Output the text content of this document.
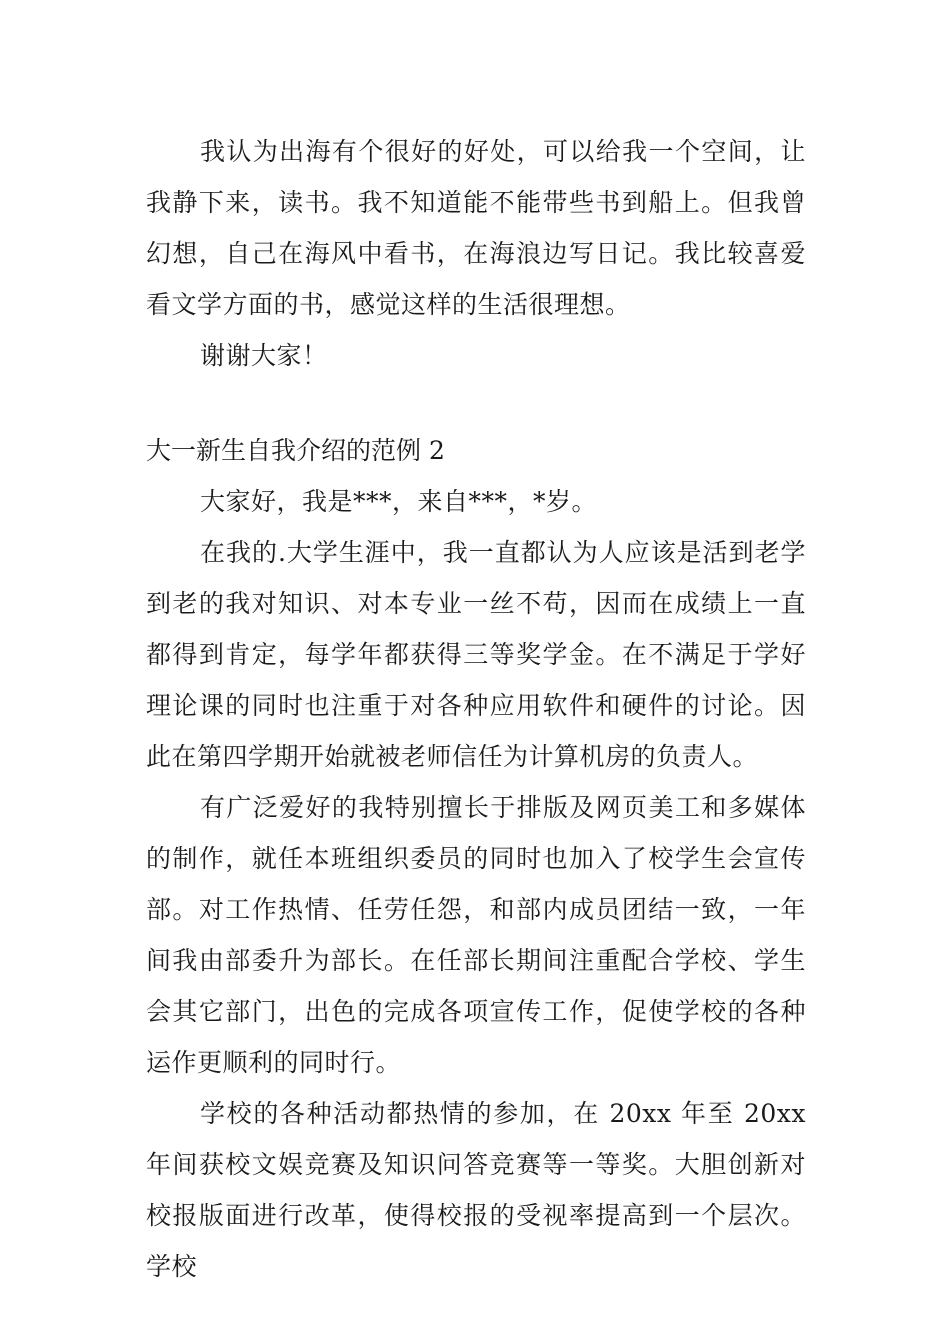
我认为出海有个很好的好处，可以给我一个空间，让我静下来，读书。我不知道能不能带些书到船上。但我曾幻想，自己在海风中看书，在海浪边写日记。我比较喜爱看文学方面的书，感觉这样的生活很理想。

谢谢大家！

大一新生自我介绍的范例 2

大家好，我是***，来自***，*岁。

在我的.大学生涯中，我一直都认为人应该是活到老学到老的我对知识、对本专业一丝不苟，因而在成绩上一直都得到肯定，每学年都获得三等奖学金。在不满足于学好理论课的同时也注重于对各种应用软件和硬件的讨论。因此在第四学期开始就被老师信任为计算机房的负责人。

有广泛爱好的我特别擅长于排版及网页美工和多媒体的制作，就任本班组织委员的同时也加入了校学生会宣传部。对工作热情、任劳任怨，和部内成员团结一致，一年间我由部委升为部长。在任部长期间注重配合学校、学生会其它部门，出色的完成各项宣传工作，促使学校的各种运作更顺利的同时行。

学校的各种活动都热情的参加，在 20xx 年至 20xx 年间获校文娱竞赛及知识问答竞赛等一等奖。大胆创新对校报版面进行改革，使得校报的受视率提高到一个层次。学校
